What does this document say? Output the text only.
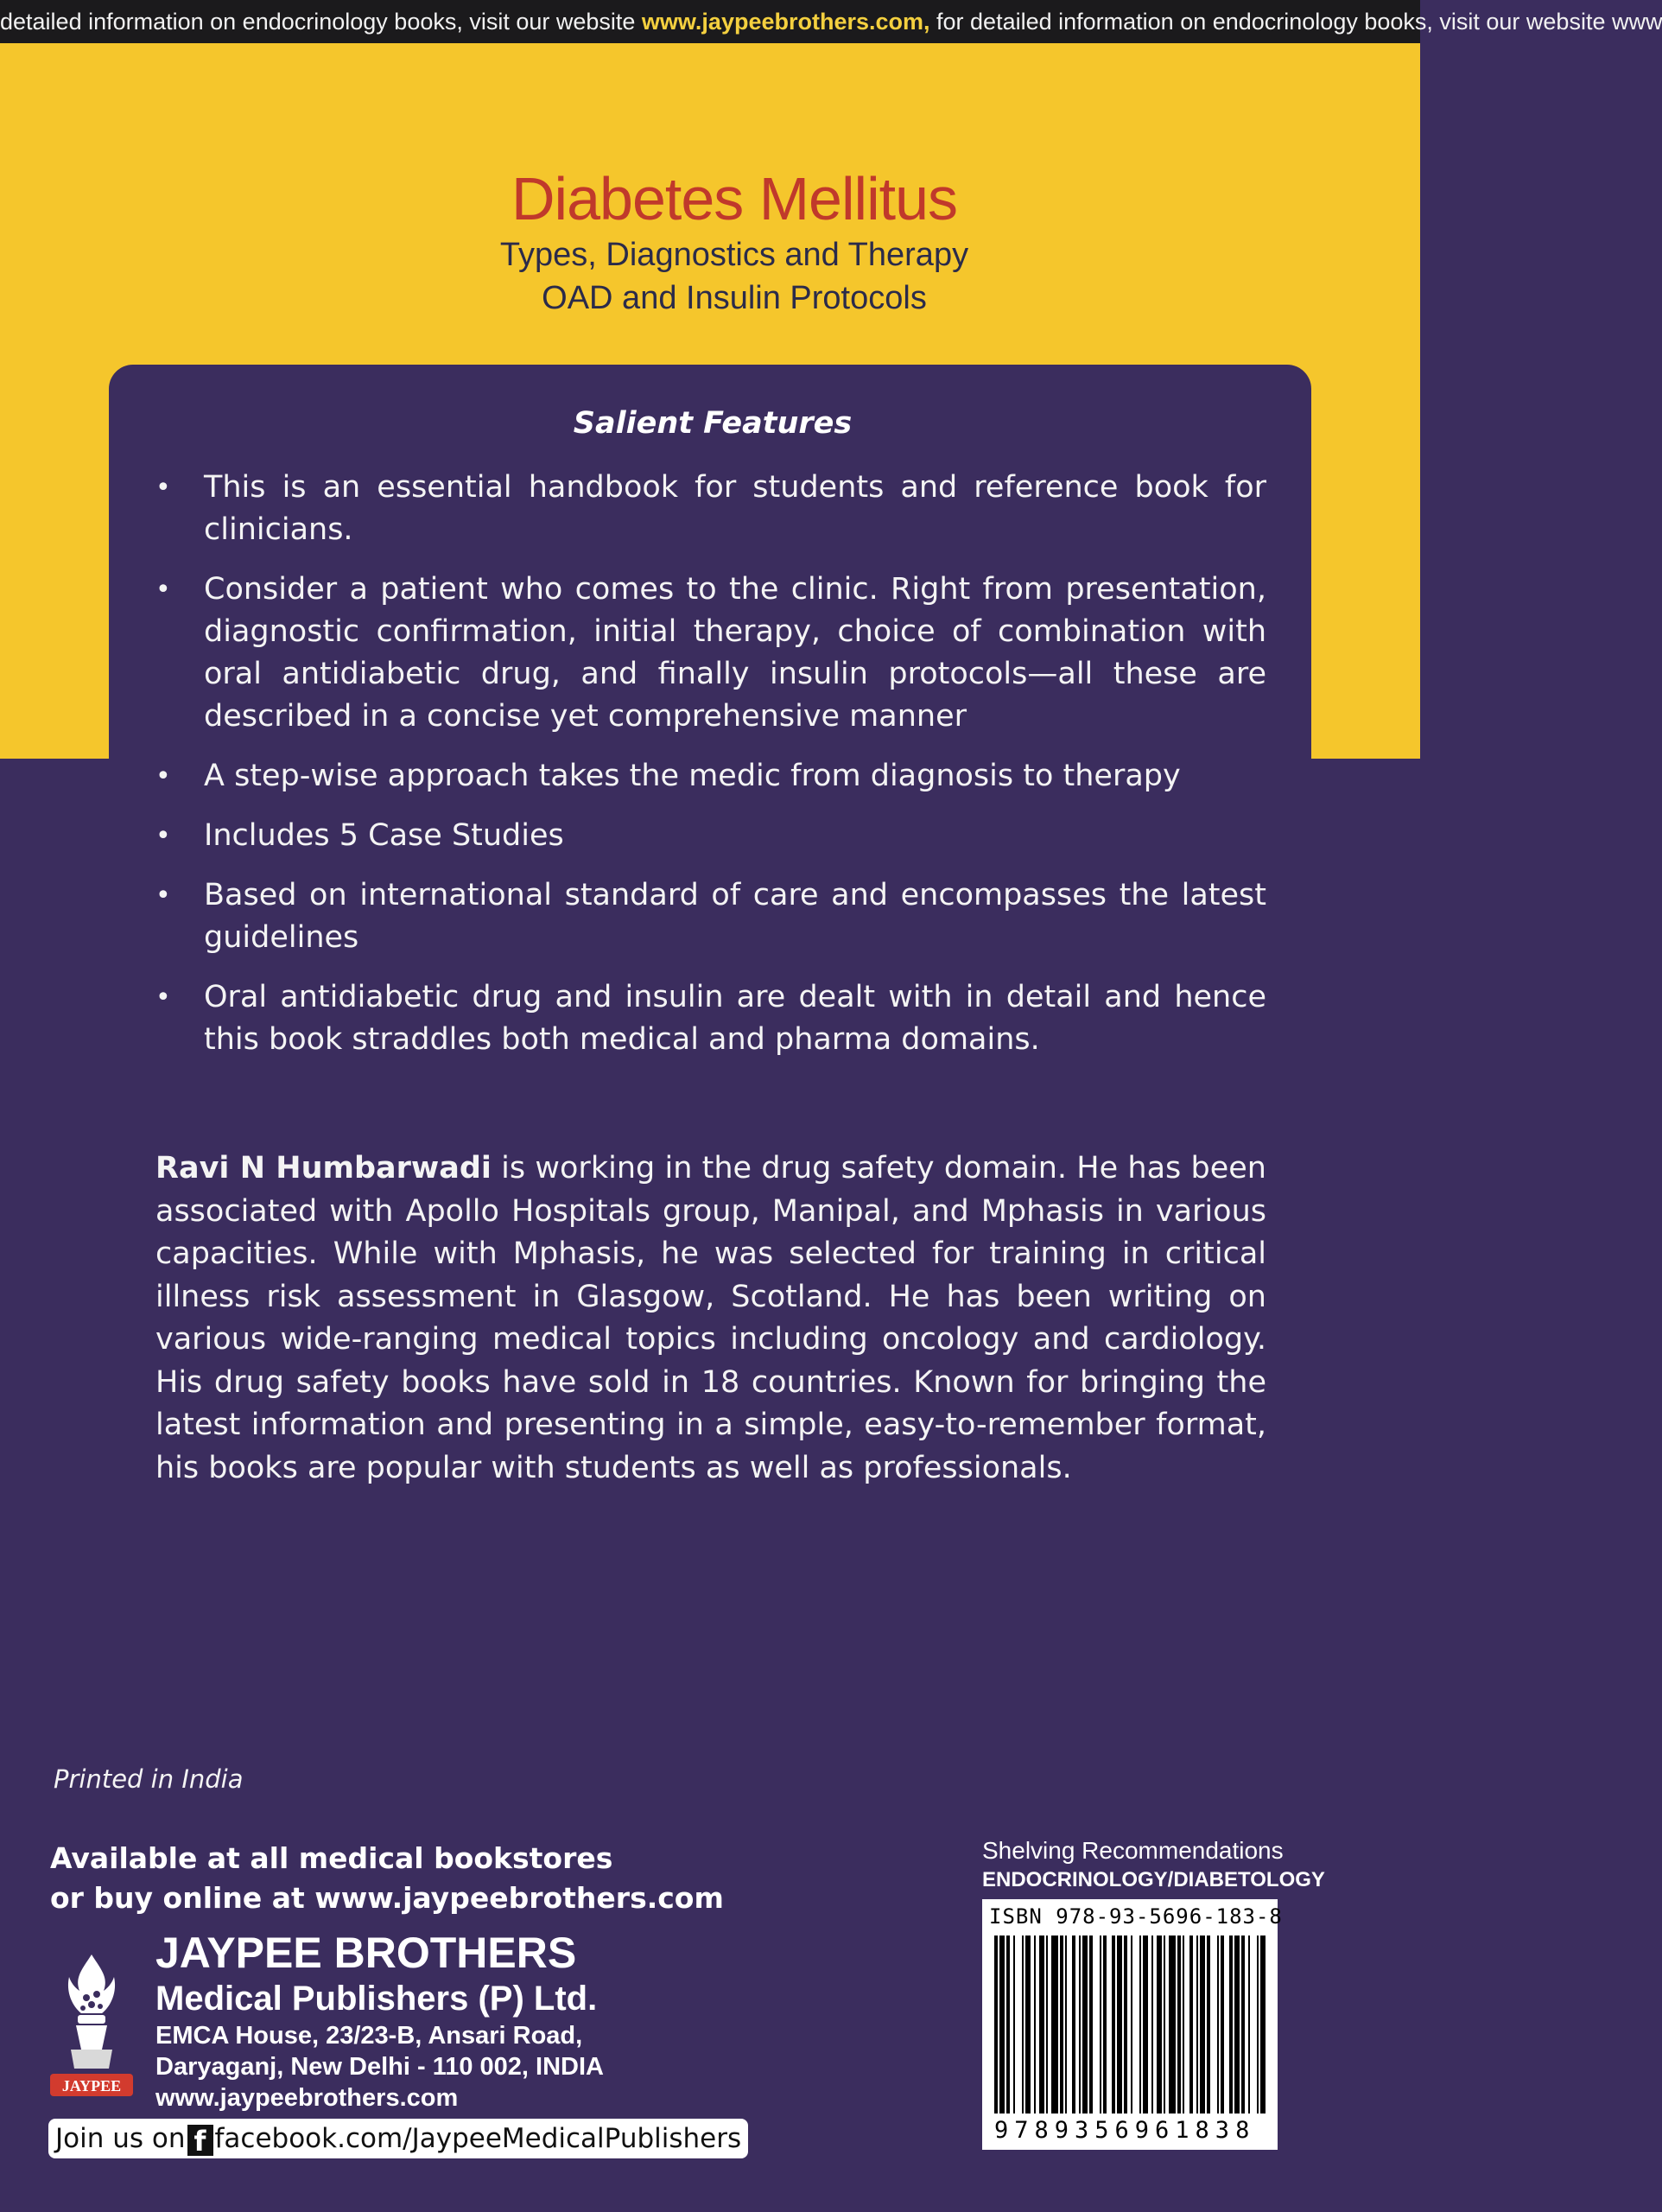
detailed information on endocrinology books, visit our website www.jaypeebrothers.com, for detailed information on endocrinology books, visit our website www
Diabetes Mellitus
Types, Diagnostics and Therapy
OAD and Insulin Protocols
Salient Features
• This is an essential handbook for students and reference book for clinicians.
• Consider a patient who comes to the clinic. Right from presentation, diagnostic confirmation, initial therapy, choice of combination with oral antidiabetic drug, and finally insulin protocols—all these are described in a concise yet comprehensive manner
• A step-wise approach takes the medic from diagnosis to therapy
• Includes 5 Case Studies
• Based on international standard of care and encompasses the latest guidelines
• Oral antidiabetic drug and insulin are dealt with in detail and hence this book straddles both medical and pharma domains.

Ravi N Humbarwadi is working in the drug safety domain. He has been associated with Apollo Hospitals group, Manipal, and Mphasis in various capacities. While with Mphasis, he was selected for training in critical illness risk assessment in Glasgow, Scotland. He has been writing on various wide-ranging medical topics including oncology and cardiology. His drug safety books have sold in 18 countries. Known for bringing the latest information and presenting in a simple, easy-to-remember format, his books are popular with students as well as professionals.

Printed in India
Available at all medical bookstores
or buy online at www.jaypeebrothers.com
JAYPEE
JAYPEE BROTHERS
Medical Publishers (P) Ltd.
EMCA House, 23/23-B, Ansari Road,
Daryaganj, New Delhi - 110 002, INDIA
www.jaypeebrothers.com
Join us on f facebook.com/JaypeeMedicalPublishers
Shelving Recommendations
ENDOCRINOLOGY/DIABETOLOGY
ISBN 978-93-5696-183-8
9789356961838
